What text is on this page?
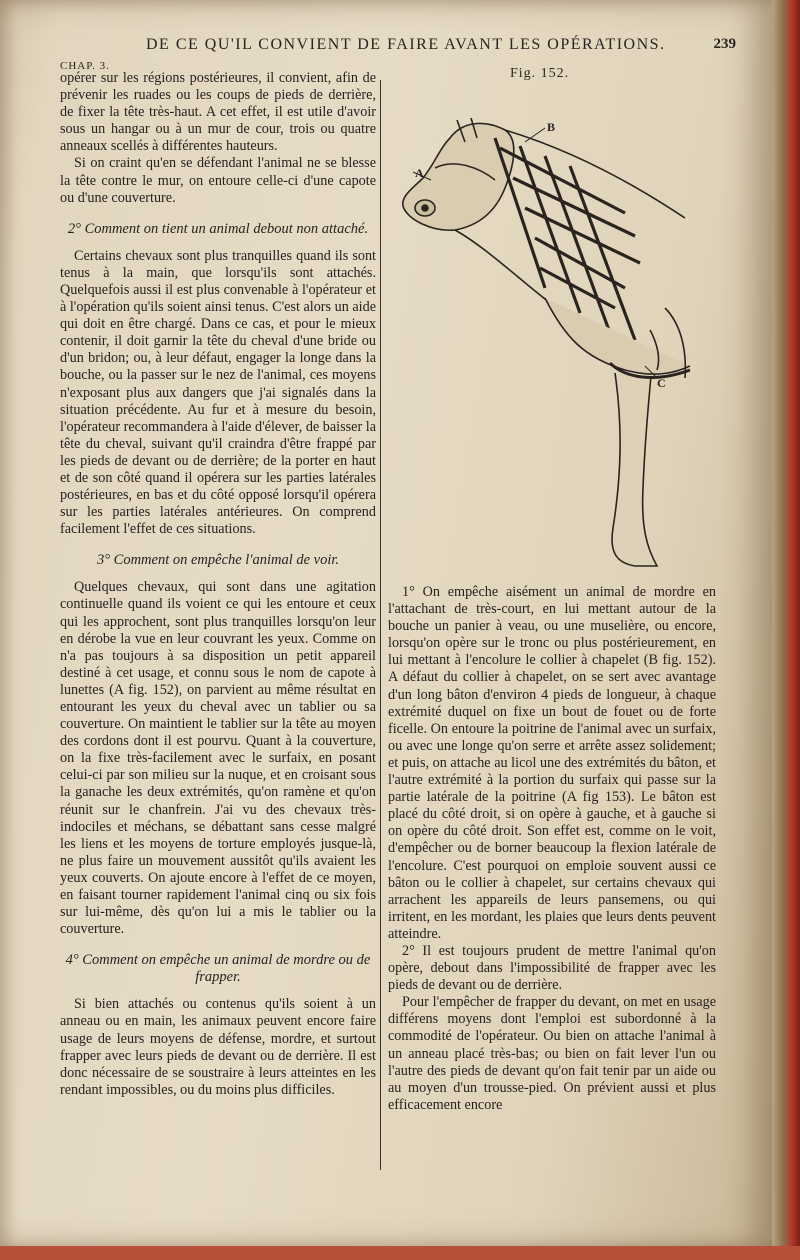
CHAP. 3.
DE CE QU'IL CONVIENT DE FAIRE AVANT LES OPÉRATIONS.	239

opérer sur les régions postérieures, il convient, afin de prévenir les ruades ou les coups de pieds de derrière, de fixer la tête très-haut. A cet effet, il est utile d'avoir sous un hangar ou à un mur de cour, trois ou quatre anneaux scellés à différentes hauteurs.

Si on craint qu'en se défendant l'animal ne se blesse la tête contre le mur, on entoure celle-ci d'une capote ou d'une couverture.

2° Comment on tient un animal debout non attaché.

Certains chevaux sont plus tranquilles quand ils sont tenus à la main, que lorsqu'ils sont attachés. Quelquefois aussi il est plus convenable à l'opérateur et à l'opération qu'ils soient ainsi tenus. C'est alors un aide qui doit en être chargé. Dans ce cas, et pour le mieux contenir, il doit garnir la tête du cheval d'une bride ou d'un bridon; ou, à leur défaut, engager la longe dans la bouche, ou la passer sur le nez de l'animal, ces moyens n'exposant plus aux dangers que j'ai signalés dans la situation précédente. Au fur et à mesure du besoin, l'opérateur recommandera à l'aide d'élever, de baisser la tête du cheval, suivant qu'il craindra d'être frappé par les pieds de devant ou de derrière; de la porter en haut et de son côté quand il opérera sur les parties latérales postérieures, en bas et du côté opposé lorsqu'il opérera sur les parties latérales antérieures. On comprend facilement l'effet de ces situations.

3° Comment on empêche l'animal de voir.

Quelques chevaux, qui sont dans une agitation continuelle quand ils voient ce qui les entoure et ceux qui les approchent, sont plus tranquilles lorsqu'on leur en dérobe la vue en leur couvrant les yeux. Comme on n'a pas toujours à sa disposition un petit appareil destiné à cet usage, et connu sous le nom de capote à lunettes (A fig. 152), on parvient au même résultat en entourant les yeux du cheval avec un tablier ou sa couverture. On maintient le tablier sur la tête au moyen des cordons dont il est pourvu. Quant à la couverture, on la fixe très-facilement avec le surfaix, en posant celui-ci par son milieu sur la nuque, et en croisant sous la ganache les deux extrémités, qu'on ramène et qu'on réunit sur le chanfrein. J'ai vu des chevaux très-indociles et méchans, se débattant sans cesse malgré les liens et les moyens de torture employés jusque-là, ne plus faire un mouvement aussitôt qu'ils avaient les yeux couverts. On ajoute encore à l'effet de ce moyen, en faisant tourner rapidement l'animal cinq ou six fois sur lui-même, dès qu'on lui a mis le tablier ou la couverture.

4° Comment on empêche un animal de mordre ou de frapper.

Si bien attachés ou contenus qu'ils soient à un anneau ou en main, les animaux peuvent encore faire usage de leurs moyens de défense, mordre, et surtout frapper avec leurs pieds de devant ou de derrière. Il est donc nécessaire de se soustraire à leurs atteintes en les rendant impossibles, ou du moins plus difficiles.

Fig. 152.
A
B
C

1° On empêche aisément un animal de mordre en l'attachant de très-court, en lui mettant autour de la bouche un panier à veau, ou une muselière, ou encore, lorsqu'on opère sur le tronc ou plus postérieurement, en lui mettant à l'encolure le collier à chapelet (B fig. 152). A défaut du collier à chapelet, on se sert avec avantage d'un long bâton d'environ 4 pieds de longueur, à chaque extrémité duquel on fixe un bout de fouet ou de forte ficelle. On entoure la poitrine de l'animal avec un surfaix, ou avec une longe qu'on serre et arrête assez solidement; et puis, on attache au licol une des extrémités du bâton, et l'autre extrémité à la portion du surfaix qui passe sur la partie latérale de la poitrine (A fig 153). Le bâton est placé du côté droit, si on opère à gauche, et à gauche si on opère du côté droit. Son effet est, comme on le voit, d'empêcher ou de borner beaucoup la flexion latérale de l'encolure. C'est pourquoi on emploie souvent aussi ce bâton ou le collier à chapelet, sur certains chevaux qui arrachent les appareils de leurs pansemens, ou qui irritent, en les mordant, les plaies que leurs dents peuvent atteindre.

2° Il est toujours prudent de mettre l'animal qu'on opère, debout dans l'impossibilité de frapper avec les pieds de devant ou de derrière.

Pour l'empêcher de frapper du devant, on met en usage différens moyens dont l'emploi est subordonné à la commodité de l'opérateur. Ou bien on attache l'animal à un anneau placé très-bas; ou bien on fait lever l'un ou l'autre des pieds de devant qu'on fait tenir par un aide ou au moyen d'un trousse-pied. On prévient aussi et plus efficacement encore
